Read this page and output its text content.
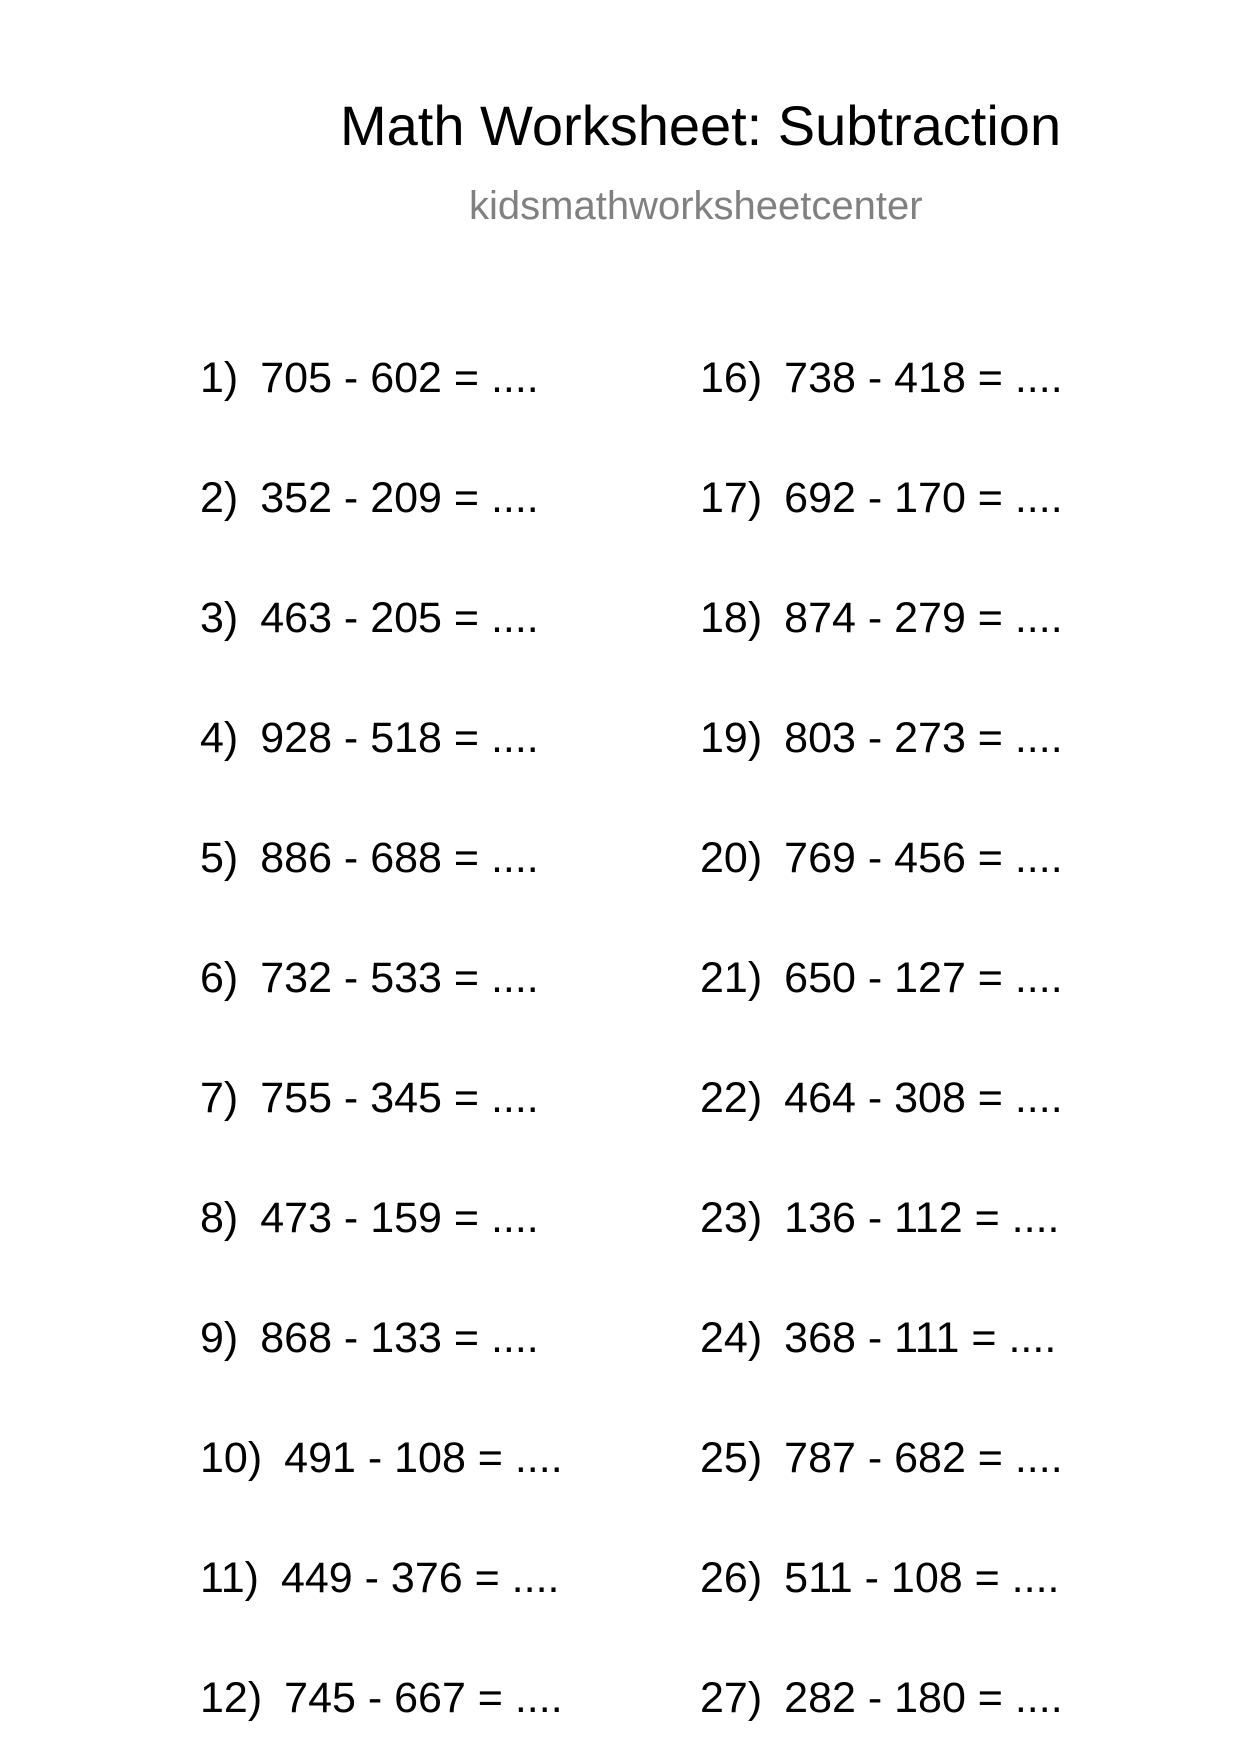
Math Worksheet: Subtraction
kidsmathworksheetcenter
1) 705 - 602 = ....
2) 352 - 209 = ....
3) 463 - 205 = ....
4) 928 - 518 = ....
5) 886 - 688 = ....
6) 732 - 533 = ....
7) 755 - 345 = ....
8) 473 - 159 = ....
9) 868 - 133 = ....
10) 491 - 108 = ....
11) 449 - 376 = ....
12) 745 - 667 = ....
16) 738 - 418 = ....
17) 692 - 170 = ....
18) 874 - 279 = ....
19) 803 - 273 = ....
20) 769 - 456 = ....
21) 650 - 127 = ....
22) 464 - 308 = ....
23) 136 - 112 = ....
24) 368 - 111 = ....
25) 787 - 682 = ....
26) 511 - 108 = ....
27) 282 - 180 = ....
